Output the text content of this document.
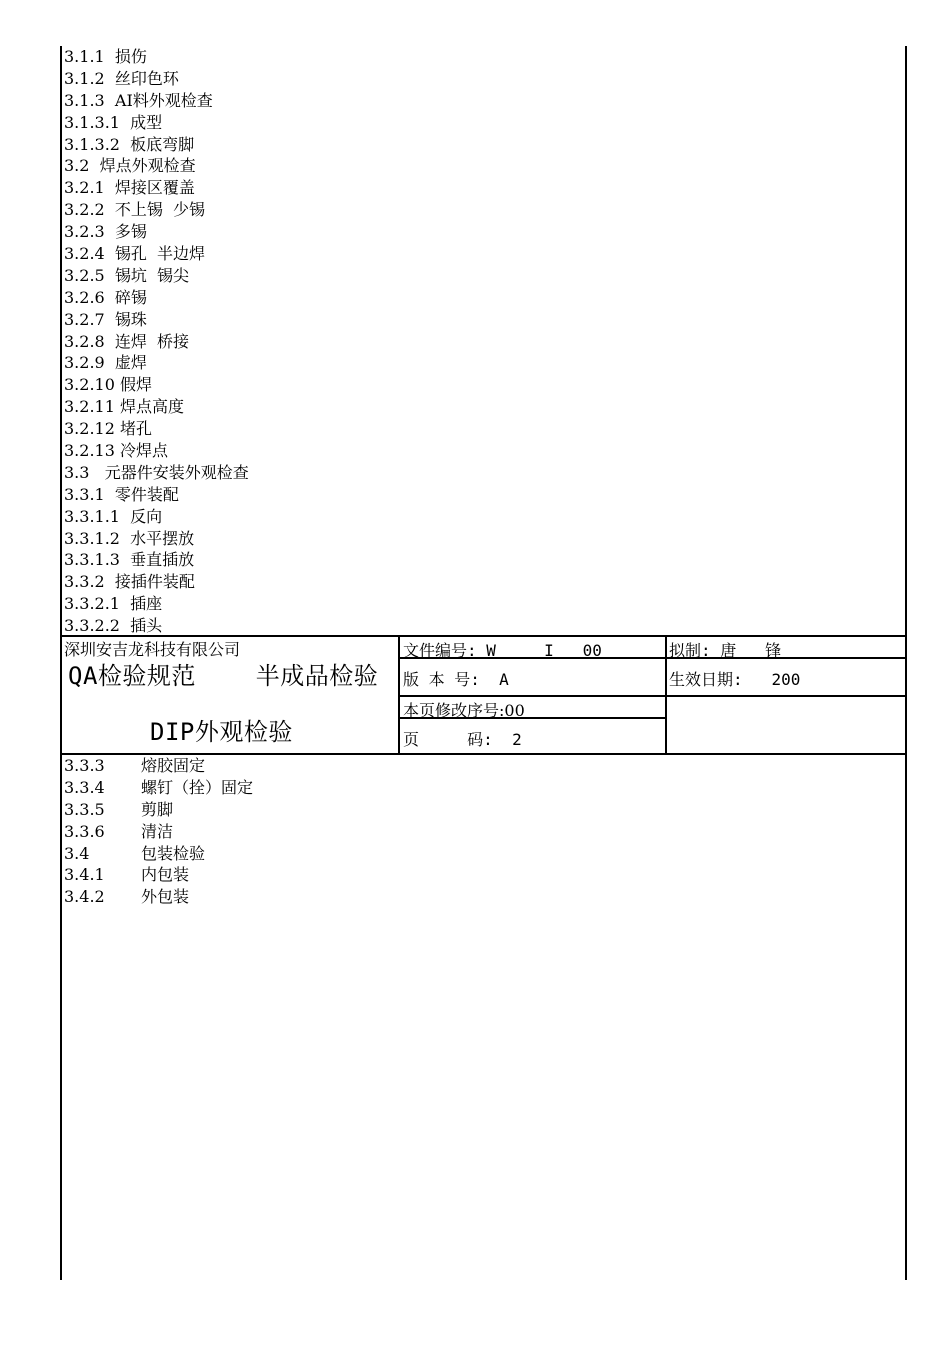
3.1.1  损伤
3.1.2  丝印色环
3.1.3  AI料外观检查
3.1.3.1  成型
3.1.3.2  板底弯脚
3.2  焊点外观检查
3.2.1  焊接区覆盖
3.2.2  不上锡  少锡
3.2.3  多锡
3.2.4  锡孔  半边焊
3.2.5  锡坑  锡尖
3.2.6  碎锡
3.2.7  锡珠
3.2.8  连焊  桥接
3.2.9  虚焊
3.2.10 假焊
3.2.11 焊点高度
3.2.12 堵孔
3.2.13 冷焊点
3.3   元器件安装外观检查
3.3.1  零件装配
3.3.1.1  反向
3.3.1.2  水平摆放
3.3.1.3  垂直插放
3.3.2  接插件装配
3.3.2.1  插座
3.3.2.2  插头
深圳安吉龙科技有限公司
QA检验规范    半成品检验
DIP外观检验
文件编号: W     I   00
版 本 号:  A
本页修改序号:00
页     码:  2
拟制: 唐   锋
生效日期:   200
3.3.3 熔胶固定
3.3.4 螺钉（拴）固定
3.3.5 剪脚
3.3.6 清洁
3.4	包装检验
3.4.1 内包装
3.4.2 外包装
